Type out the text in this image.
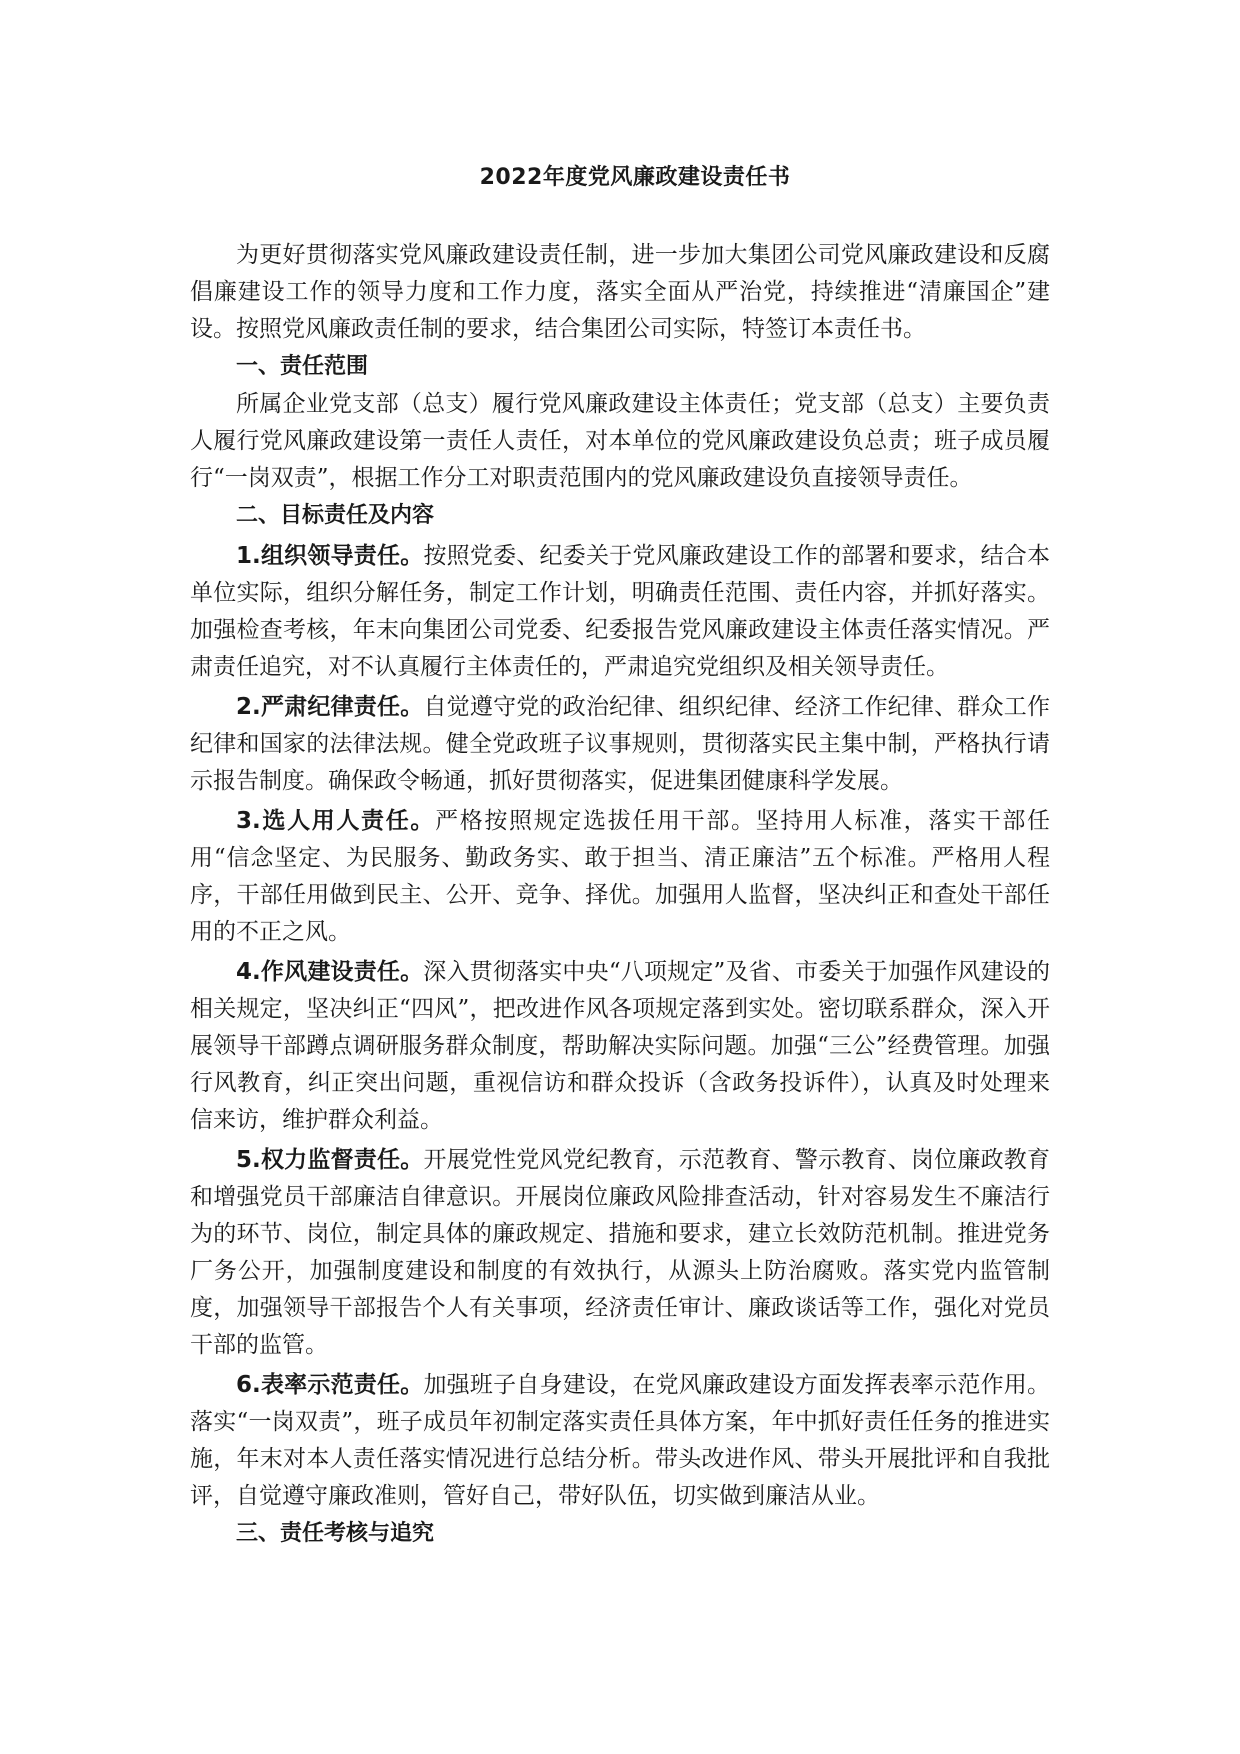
2022年度党风廉政建设责任书

为更好贯彻落实党风廉政建设责任制，进一步加大集团公司党风廉政建设和反腐倡廉建设工作的领导力度和工作力度，落实全面从严治党，持续推进“清廉国企”建设。按照党风廉政责任制的要求，结合集团公司实际，特签订本责任书。

一、责任范围

所属企业党支部（总支）履行党风廉政建设主体责任；党支部（总支）主要负责人履行党风廉政建设第一责任人责任，对本单位的党风廉政建设负总责；班子成员履行“一岗双责”，根据工作分工对职责范围内的党风廉政建设负直接领导责任。

二、目标责任及内容

1.组织领导责任。按照党委、纪委关于党风廉政建设工作的部署和要求，结合本单位实际，组织分解任务，制定工作计划，明确责任范围、责任内容，并抓好落实。加强检查考核，年末向集团公司党委、纪委报告党风廉政建设主体责任落实情况。严肃责任追究，对不认真履行主体责任的，严肃追究党组织及相关领导责任。

2.严肃纪律责任。自觉遵守党的政治纪律、组织纪律、经济工作纪律、群众工作纪律和国家的法律法规。健全党政班子议事规则，贯彻落实民主集中制，严格执行请示报告制度。确保政令畅通，抓好贯彻落实，促进集团健康科学发展。

3.选人用人责任。严格按照规定选拔任用干部。坚持用人标准，落实干部任用“信念坚定、为民服务、勤政务实、敢于担当、清正廉洁”五个标准。严格用人程序，干部任用做到民主、公开、竞争、择优。加强用人监督，坚决纠正和查处干部任用的不正之风。

4.作风建设责任。深入贯彻落实中央“八项规定”及省、市委关于加强作风建设的相关规定，坚决纠正“四风”，把改进作风各项规定落到实处。密切联系群众，深入开展领导干部蹲点调研服务群众制度，帮助解决实际问题。加强“三公”经费管理。加强行风教育，纠正突出问题，重视信访和群众投诉（含政务投诉件），认真及时处理来信来访，维护群众利益。

5.权力监督责任。开展党性党风党纪教育，示范教育、警示教育、岗位廉政教育和增强党员干部廉洁自律意识。开展岗位廉政风险排查活动，针对容易发生不廉洁行为的环节、岗位，制定具体的廉政规定、措施和要求，建立长效防范机制。推进党务厂务公开，加强制度建设和制度的有效执行，从源头上防治腐败。落实党内监管制度，加强领导干部报告个人有关事项，经济责任审计、廉政谈话等工作，强化对党员干部的监管。

6.表率示范责任。加强班子自身建设，在党风廉政建设方面发挥表率示范作用。落实“一岗双责”，班子成员年初制定落实责任具体方案，年中抓好责任任务的推进实施，年末对本人责任落实情况进行总结分析。带头改进作风、带头开展批评和自我批评，自觉遵守廉政准则，管好自己，带好队伍，切实做到廉洁从业。

三、责任考核与追究
